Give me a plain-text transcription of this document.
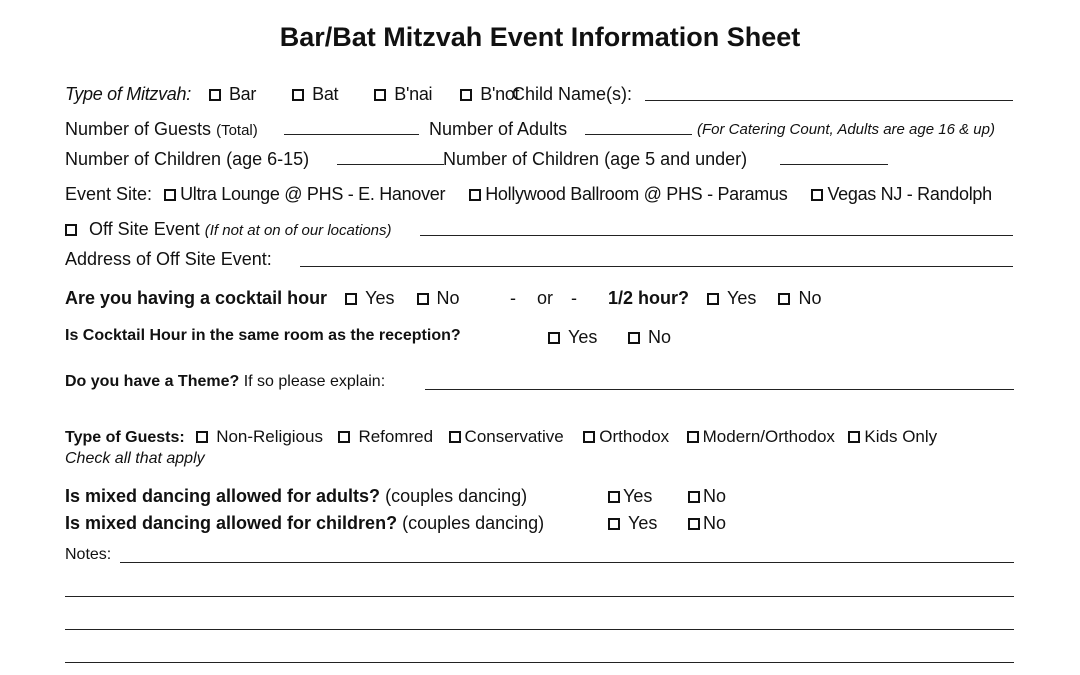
Bar/Bat Mitzvah Event Information Sheet
Type of Mitzvah: Bar	Bat	B'nai	B'not
Child Name(s):
Number of Guests (Total)	Number of Adults	(For Catering Count, Adults are age 16 & up)
Number of Children (age 6-15)	Number of Children (age 5 and under)
Event Site: Ultra Lounge @ PHS - E. Hanover Hollywood Ballroom @ PHS - Paramus Vegas NJ - Randolph
Off Site Event (If not at on of our locations)
Address of Off Site Event:
Are you having a cocktail hour Yes No	- or - 1/2 hour? Yes No
Is Cocktail Hour in the same room as the reception?	Yes	No
Do you have a Theme? If so please explain:
Type of Guests: Non-Religious Refomred Conservative Orthodox Modern/Orthodox Kids Only
Check all that apply
Is mixed dancing allowed for adults? (couples dancing)	Yes	No
Is mixed dancing allowed for children? (couples dancing)	Yes	No
Notes:
